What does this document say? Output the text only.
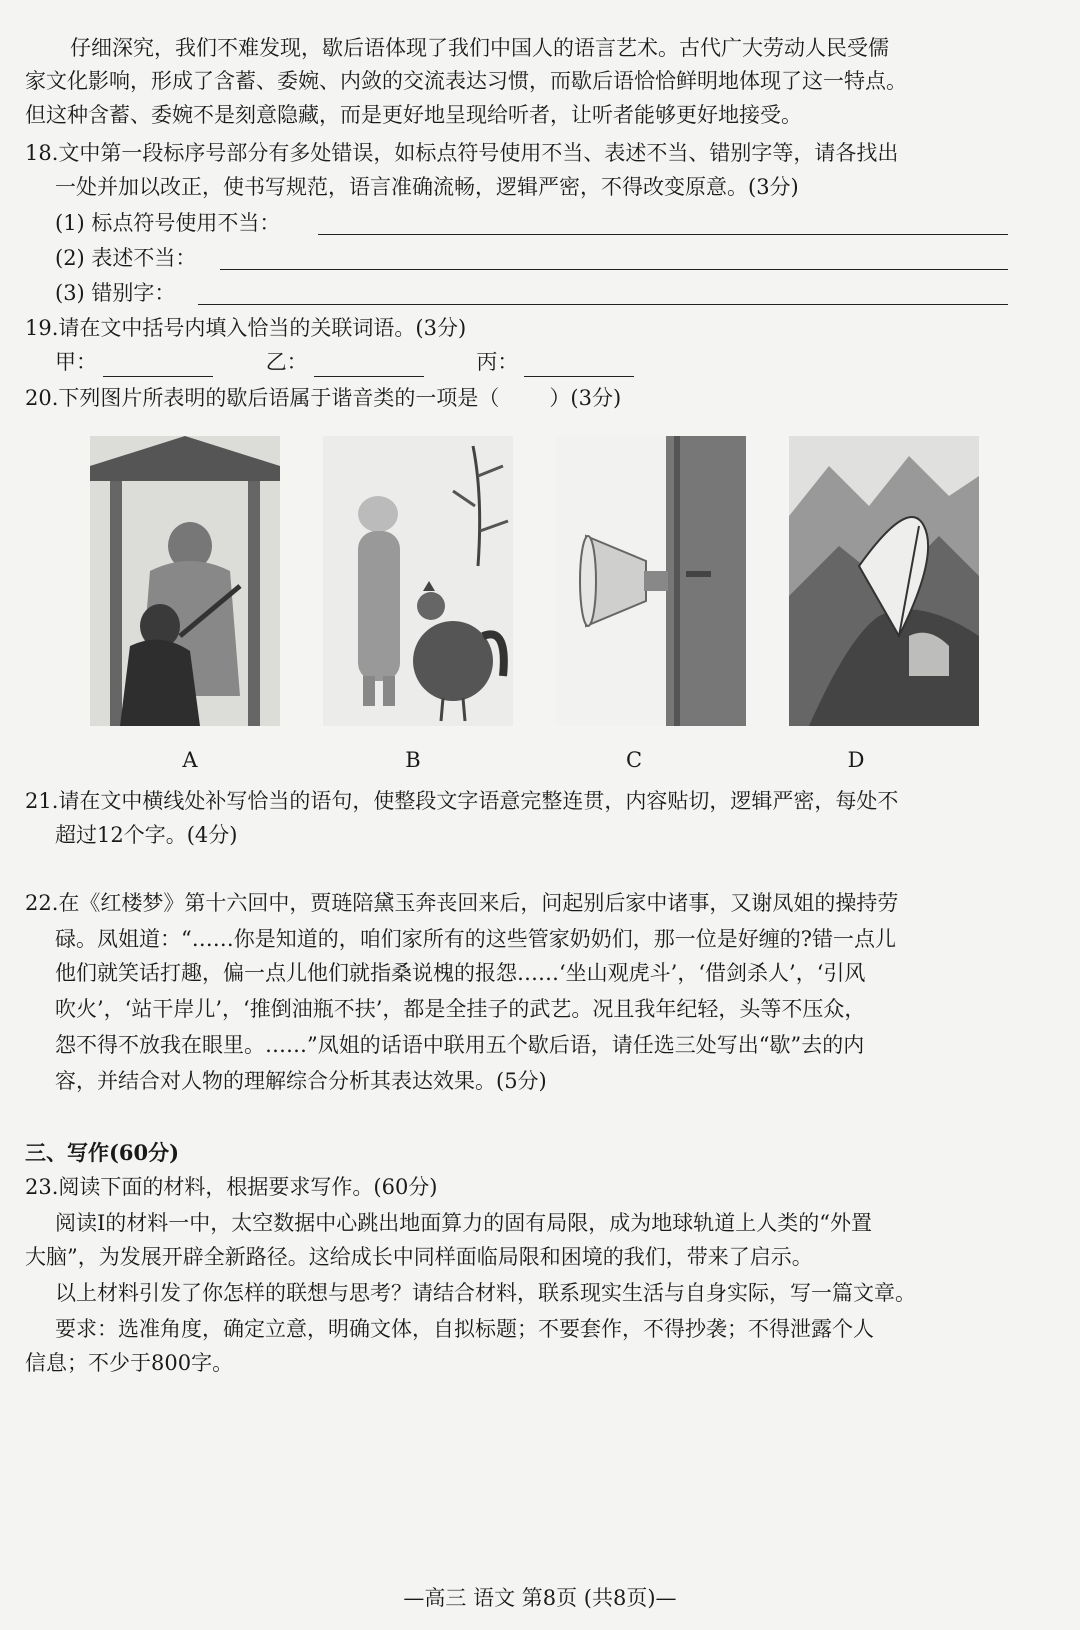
仔细深究，我们不难发现，歇后语体现了我们中国人的语言艺术。古代广大劳动人民受儒
家文化影响，形成了含蓄、委婉、内敛的交流表达习惯，而歇后语恰恰鲜明地体现了这一特点。
但这种含蓄、委婉不是刻意隐藏，而是更好地呈现给听者，让听者能够更好地接受。
18.文中第一段标序号部分有多处错误，如标点符号使用不当、表述不当、错别字等，请各找出
一处并加以改正，使书写规范，语言准确流畅，逻辑严密，不得改变原意。(3分)
(1) 标点符号使用不当：
(2) 表述不当：
(3) 错别字：
19.请在文中括号内填入恰当的关联词语。(3分)
甲：	乙：	丙：
20.下列图片所表明的歇后语属于谐音类的一项是（ ）(3分)
A	B	C	D
21.请在文中横线处补写恰当的语句，使整段文字语意完整连贯，内容贴切，逻辑严密，每处不
超过12个字。(4分)
22.在《红楼梦》第十六回中，贾琏陪黛玉奔丧回来后，问起别后家中诸事，又谢凤姐的操持劳
碌。凤姐道：“……你是知道的，咱们家所有的这些管家奶奶们，那一位是好缠的?错一点儿
他们就笑话打趣，偏一点儿他们就指桑说槐的报怨……‘坐山观虎斗’，‘借剑杀人’，‘引风
吹火’，‘站干岸儿’，‘推倒油瓶不扶’，都是全挂子的武艺。况且我年纪轻，头等不压众，
怨不得不放我在眼里。……”凤姐的话语中联用五个歇后语，请任选三处写出“歇”去的内
容，并结合对人物的理解综合分析其表达效果。(5分)
三、写作(60分)
23.阅读下面的材料，根据要求写作。(60分)
阅读I的材料一中，太空数据中心跳出地面算力的固有局限，成为地球轨道上人类的“外置
大脑”，为发展开辟全新路径。这给成长中同样面临局限和困境的我们，带来了启示。
以上材料引发了你怎样的联想与思考？请结合材料，联系现实生活与自身实际，写一篇文章。
要求：选准角度，确定立意，明确文体，自拟标题；不要套作，不得抄袭；不得泄露个人
信息；不少于800字。
—高三 语文 第8页 (共8页)—
